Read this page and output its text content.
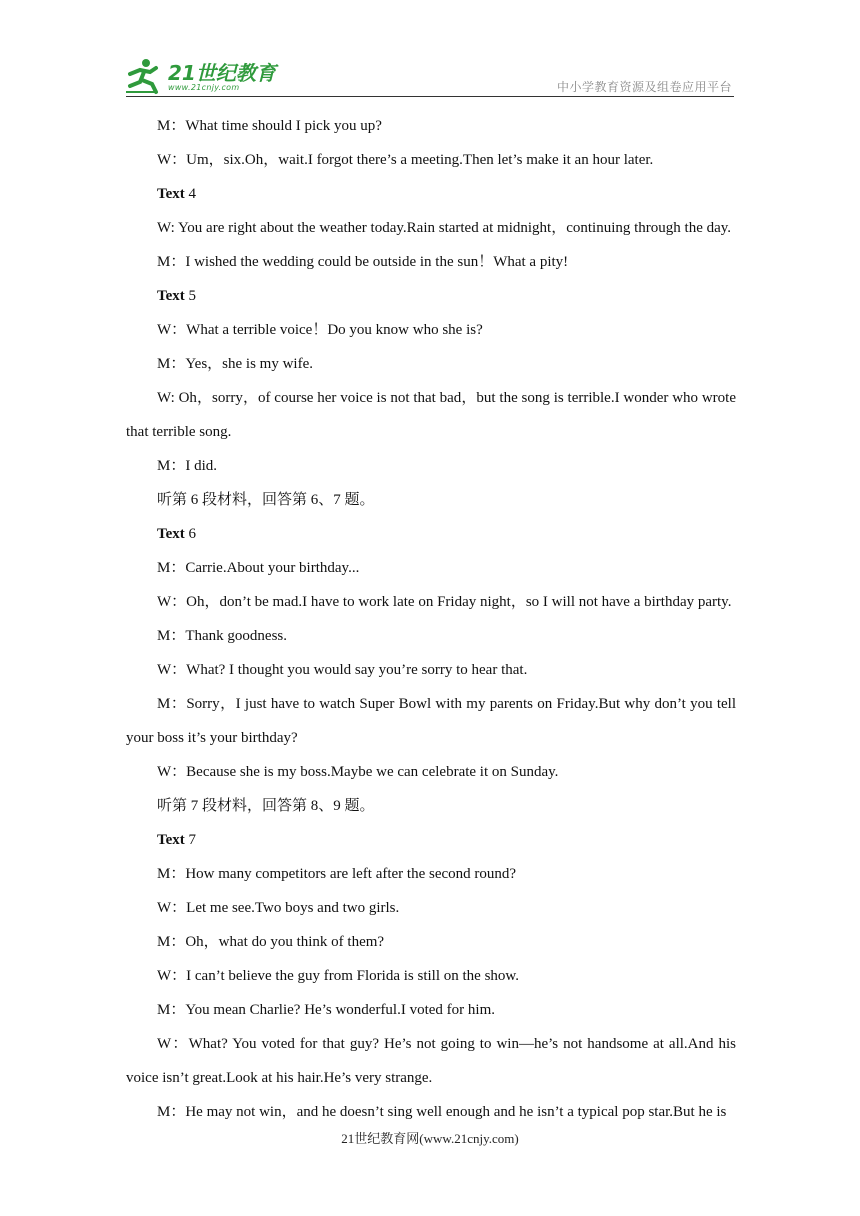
21世纪教育
www.21cnjy.com	中小学教育资源及组卷应用平台

M：What time should I pick you up?

W：Um，six.Oh，wait.I forgot there’s a meeting.Then let’s make it an hour later.

Text 4

W: You are right about the weather today.Rain started at midnight，continuing through the day.

M：I wished the wedding could be outside in the sun！What a pity!

Text 5

W：What a terrible voice！Do you know who she is?

M：Yes，she is my wife.

W: Oh，sorry，of course her voice is not that bad，but the song is terrible.I wonder who wrote that terrible song.

M：I did.

听第 6 段材料，回答第 6、7 题。

Text 6

M：Carrie.About your birthday...

W：Oh，don’t be mad.I have to work late on Friday night，so I will not have a birthday party.

M：Thank goodness.

W：What? I thought you would say you’re sorry to hear that.

M：Sorry，I just have to watch Super Bowl with my parents on Friday.But why don’t you tell your boss it’s your birthday?

W：Because she is my boss.Maybe we can celebrate it on Sunday.

听第 7 段材料，回答第 8、9 题。

Text 7

M：How many competitors are left after the second round?

W：Let me see.Two boys and two girls.

M：Oh，what do you think of them?

W：I can’t believe the guy from Florida is still on the show.

M：You mean Charlie? He’s wonderful.I voted for him.

W：What? You voted for that guy? He’s not going to win—he’s not handsome at all.And his voice isn’t great.Look at his hair.He’s very strange.

M：He may not win，and he doesn’t sing well enough and he isn’t a typical pop star.But he is

21世纪教育网(www.21cnjy.com)
